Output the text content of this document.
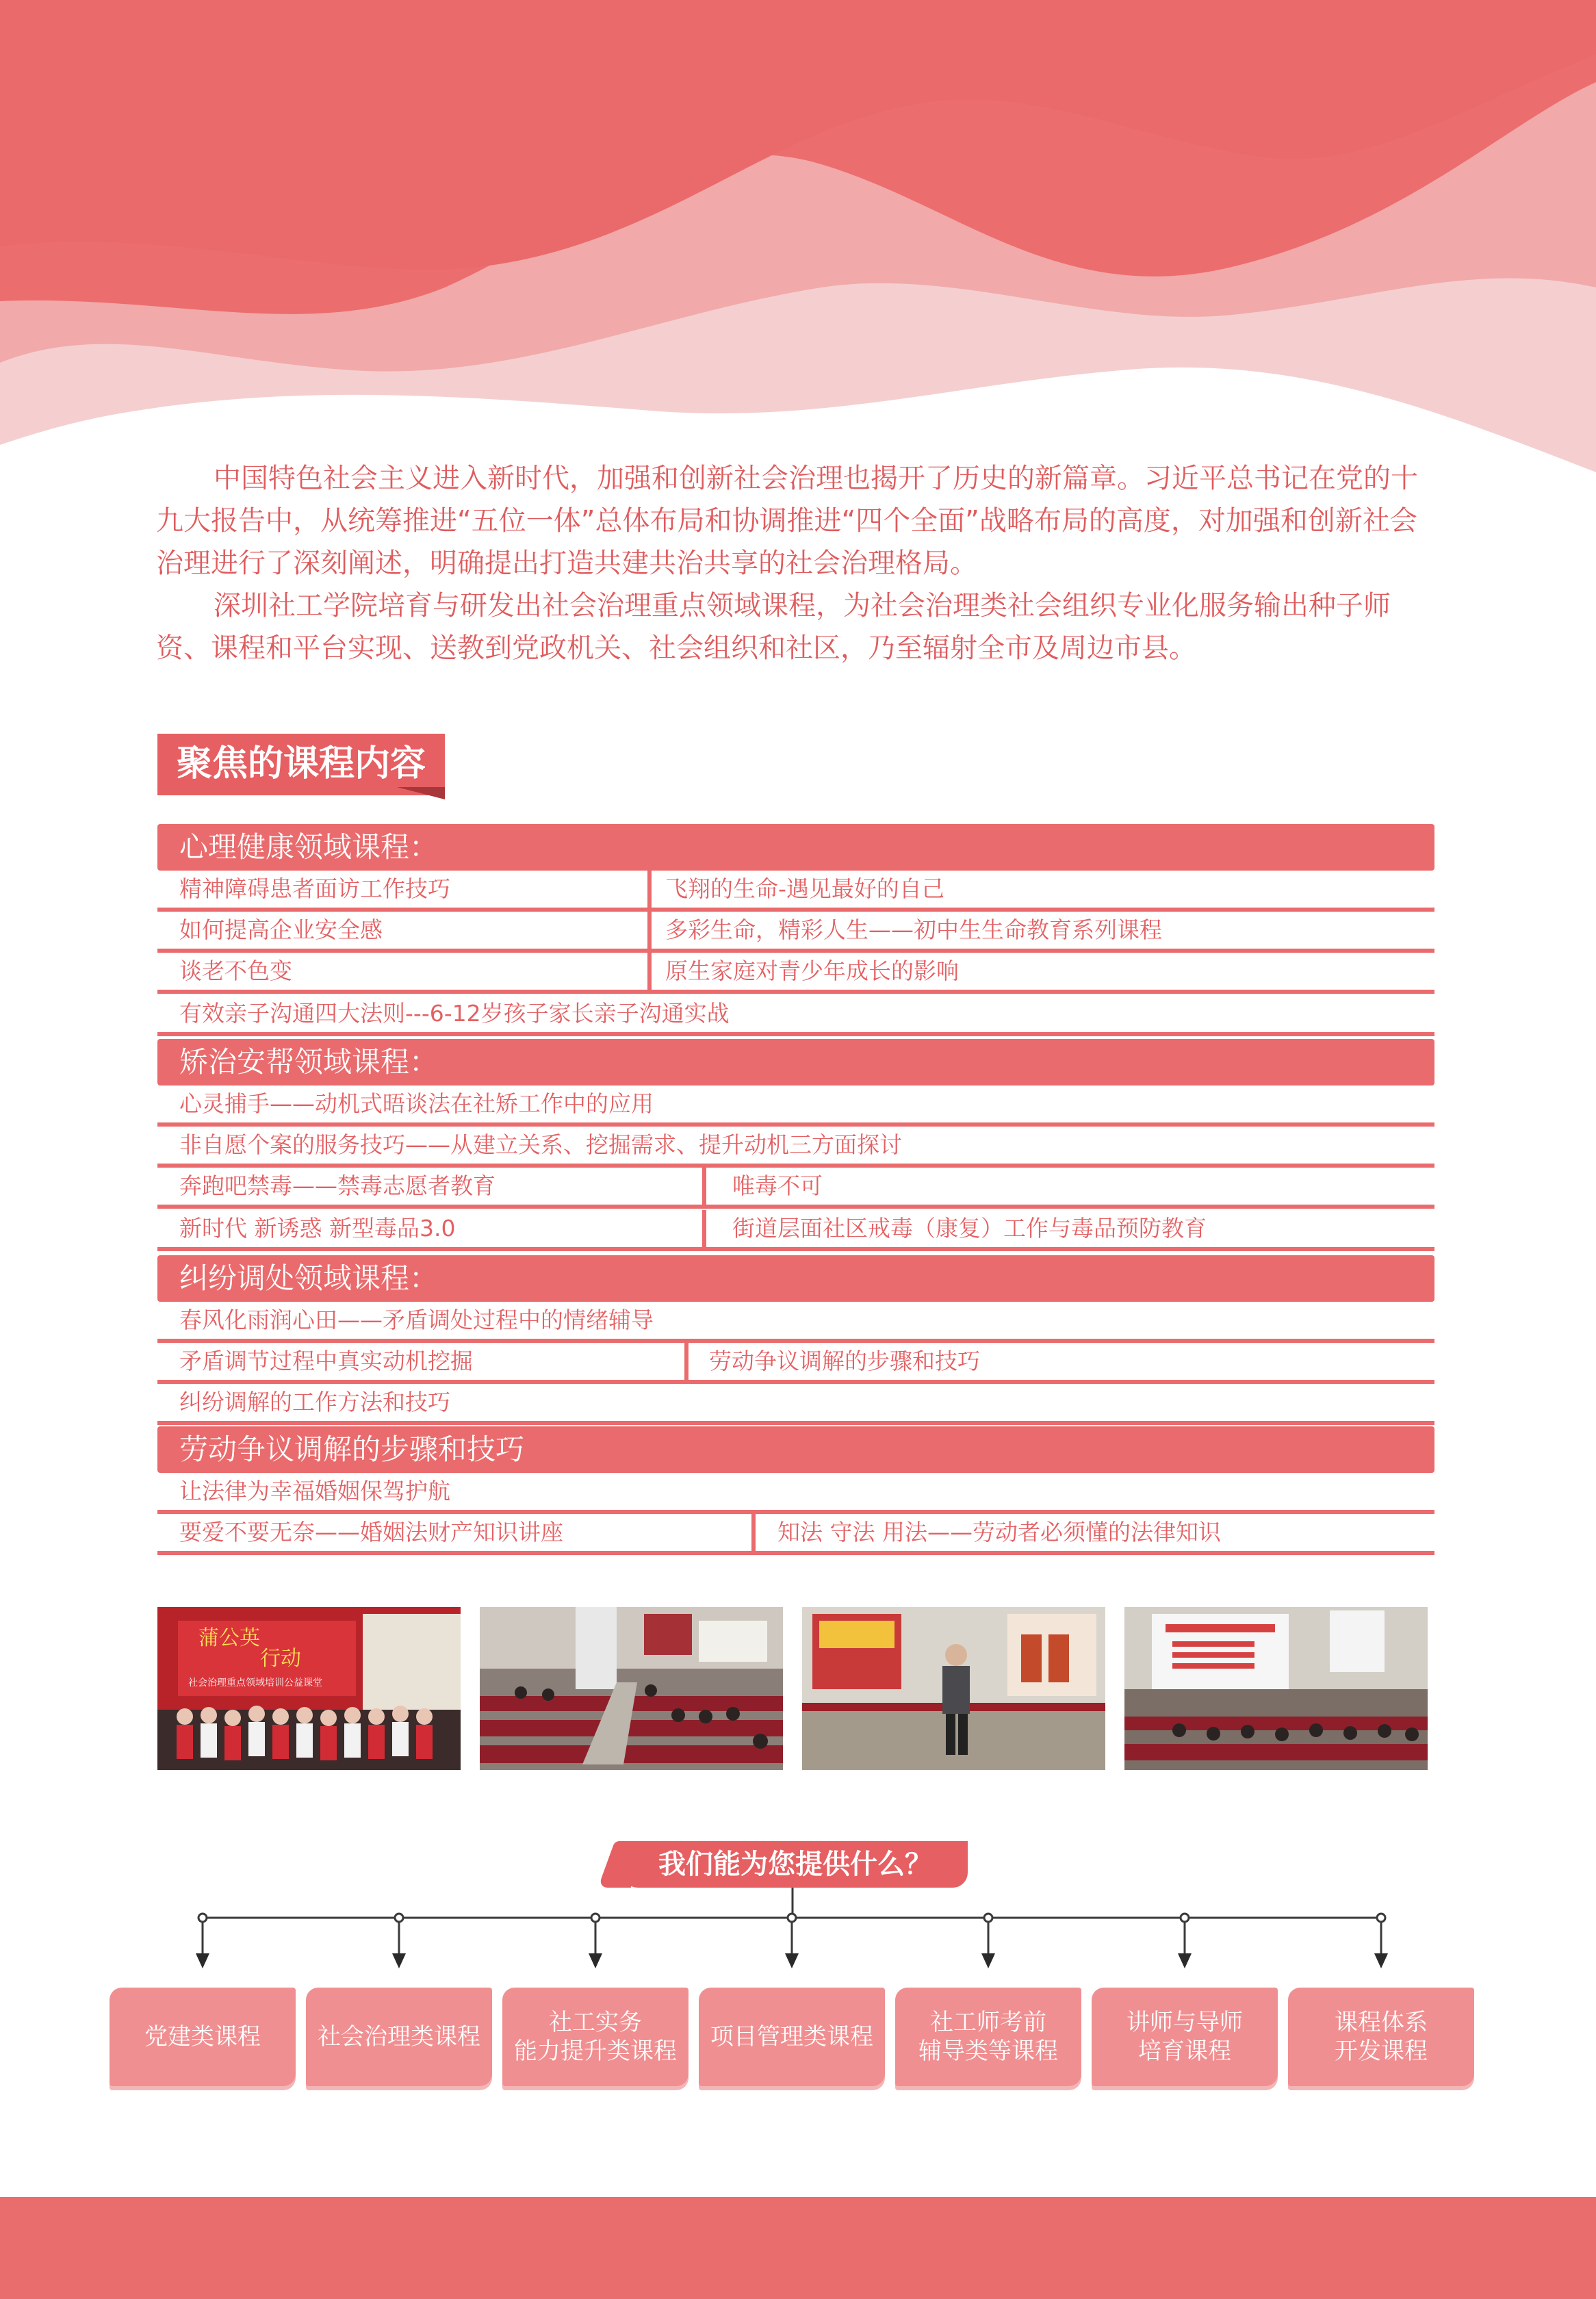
中国特色社会主义进入新时代，加强和创新社会治理也揭开了历史的新篇章。习近平总书记在党的十九大报告中，从统筹推进“五位一体”总体布局和协调推进“四个全面”战略布局的高度，对加强和创新社会治理进行了深刻阐述，明确提出打造共建共治共享的社会治理格局。

深圳社工学院培育与研发出社会治理重点领域课程，为社会治理类社会组织专业化服务输出种子师资、课程和平台实现、送教到党政机关、社会组织和社区，乃至辐射全市及周边市县。

聚焦的课程内容
心理健康领域课程：
精神障碍患者面访工作技巧	飞翔的生命-遇见最好的自己
如何提高企业安全感	多彩生命，精彩人生——初中生生命教育系列课程
谈老不色变	原生家庭对青少年成长的影响
有效亲子沟通四大法则---6-12岁孩子家长亲子沟通实战
矫治安帮领域课程：
心灵捕手——动机式晤谈法在社矫工作中的应用
非自愿个案的服务技巧——从建立关系、挖掘需求、提升动机三方面探讨
奔跑吧禁毒——禁毒志愿者教育	唯毒不可
新时代 新诱惑 新型毒品3.0	街道层面社区戒毒（康复）工作与毒品预防教育
纠纷调处领域课程：
春风化雨润心田——矛盾调处过程中的情绪辅导
矛盾调节过程中真实动机挖掘	劳动争议调解的步骤和技巧
纠纷调解的工作方法和技巧
劳动争议调解的步骤和技巧
让法律为幸福婚姻保驾护航
要爱不要无奈——婚姻法财产知识讲座	知法 守法 用法——劳动者必须懂的法律知识
蒲公英
行动
社会治理重点领域培训公益课堂
我们能为您提供什么？
党建类课程 社会治理类课程
社工实务
能力提升类课程
项目管理类课程
社工师考前
辅导类等课程
讲师与导师
培育课程
课程体系
开发课程
